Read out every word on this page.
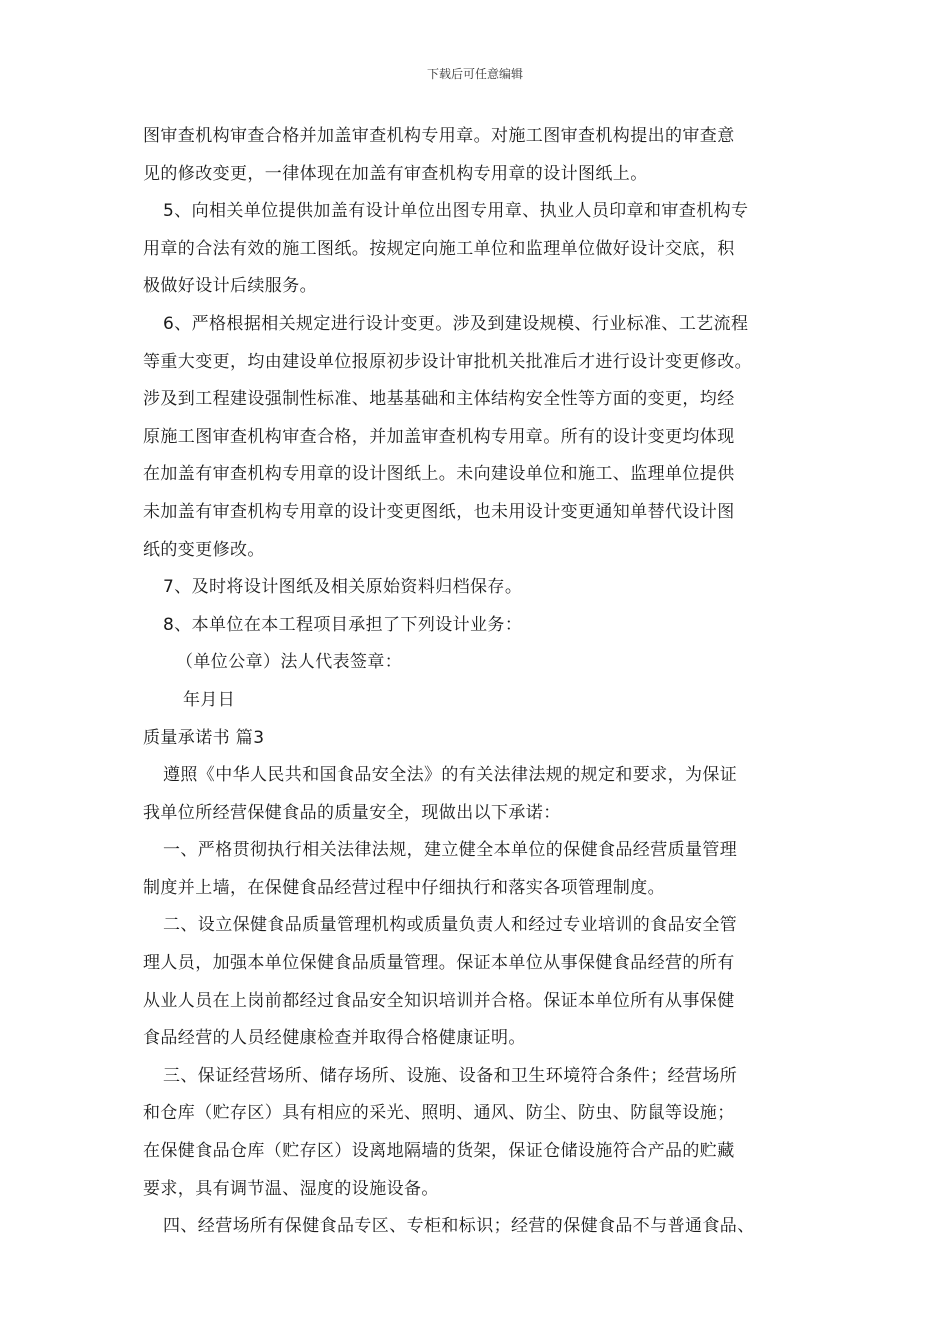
下载后可任意编辑

图审查机构审查合格并加盖审查机构专用章。对施工图审查机构提出的审查意

见的修改变更，一律体现在加盖有审查机构专用章的设计图纸上。

5、向相关单位提供加盖有设计单位出图专用章、执业人员印章和审查机构专

用章的合法有效的施工图纸。按规定向施工单位和监理单位做好设计交底，积

极做好设计后续服务。

6、严格根据相关规定进行设计变更。涉及到建设规模、行业标准、工艺流程

等重大变更，均由建设单位报原初步设计审批机关批准后才进行设计变更修改。

涉及到工程建设强制性标准、地基基础和主体结构安全性等方面的变更，均经

原施工图审查机构审查合格，并加盖审查机构专用章。所有的设计变更均体现

在加盖有审查机构专用章的设计图纸上。未向建设单位和施工、监理单位提供

未加盖有审查机构专用章的设计变更图纸，也未用设计变更通知单替代设计图

纸的变更修改。

7、及时将设计图纸及相关原始资料归档保存。

8、本单位在本工程项目承担了下列设计业务：

（单位公章）法人代表签章：

年月日

质量承诺书 篇3

遵照《中华人民共和国食品安全法》的有关法律法规的规定和要求，为保证

我单位所经营保健食品的质量安全，现做出以下承诺：

一、严格贯彻执行相关法律法规，建立健全本单位的保健食品经营质量管理

制度并上墙，在保健食品经营过程中仔细执行和落实各项管理制度。

二、设立保健食品质量管理机构或质量负责人和经过专业培训的食品安全管

理人员，加强本单位保健食品质量管理。保证本单位从事保健食品经营的所有

从业人员在上岗前都经过食品安全知识培训并合格。保证本单位所有从事保健

食品经营的人员经健康检查并取得合格健康证明。

三、保证经营场所、储存场所、设施、设备和卫生环境符合条件；经营场所

和仓库（贮存区）具有相应的采光、照明、通风、防尘、防虫、防鼠等设施；

在保健食品仓库（贮存区）设离地隔墙的货架，保证仓储设施符合产品的贮藏

要求，具有调节温、湿度的设施设备。

四、经营场所有保健食品专区、专柜和标识；经营的保健食品不与普通食品、
